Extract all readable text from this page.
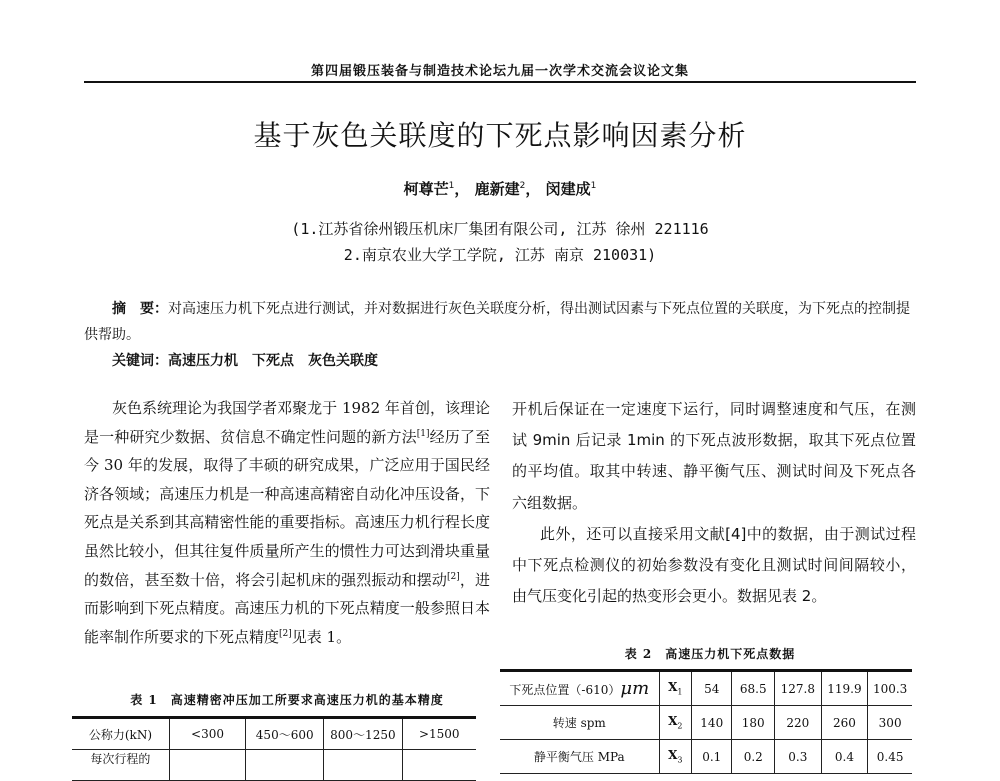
第四届锻压装备与制造技术论坛九届一次学术交流会议论文集
基于灰色关联度的下死点影响因素分析
柯尊芒$^1$， 鹿新建$^2$， 闵建成$^1$
(1.江苏省徐州锻压机床厂集团有限公司, 江苏 徐州 221116
2.南京农业大学工学院, 江苏 南京 210031)
摘　要：对高速压力机下死点进行测试，并对数据进行灰色关联度分析，得出测试因素与下死点位置的关联度，为下死点的控制提供帮助。
关键词：高速压力机　下死点　灰色关联度
灰色系统理论为我国学者邓聚龙于 1982 年首创，该理论是一种研究少数据、贫信息不确定性问题的新方法[1]经历了至今 30 年的发展，取得了丰硕的研究成果，广泛应用于国民经济各领域；高速压力机是一种高速高精密自动化冲压设备，下死点是关系到其高精密性能的重要指标。高速压力机行程长度虽然比较小，但其往复件质量所产生的惯性力可达到滑块重量的数倍，甚至数十倍，将会引起机床的强烈振动和摆动[2]，进而影响到下死点精度。高速压力机的下死点精度一般参照日本能率制作所要求的下死点精度[2]见表 1。
开机后保证在一定速度下运行，同时调整速度和气压，在测试 9min 后记录 1min 的下死点波形数据，取其下死点位置的平均值。取其中转速、静平衡气压、测试时间及下死点各六组数据。
此外，还可以直接采用文献[4]中的数据，由于测试过程中下死点检测仪的初始参数没有变化且测试时间间隔较小，由气压变化引起的热变形会更小。数据见表 2。
表 1　高速精密冲压加工所要求高速压力机的基本精度
公称力(kN)	<300	450～600	800～1250	>1500
每次行程的				
表 2　高速压力机下死点数据
下死点位置（-610）μm	$X_1$	54	68.5	127.8	119.9	100.3
转速 spm	$X_2$	140	180	220	260	300
静平衡气压 MPa	$X_3$	0.1	0.2	0.3	0.4	0.45
